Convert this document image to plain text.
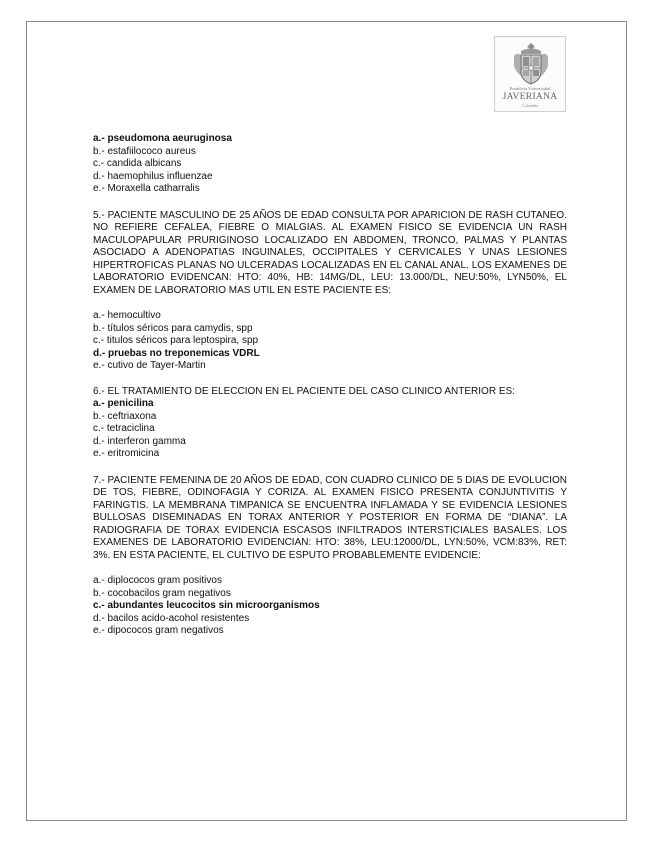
Pontificia Universidad
JAVERIANA
Colombia
a.- pseudomona aeuruginosa
b.- estafiilococo aureus
c.- candida albicans
d.- haemophilus influenzae
e.- Moraxella catharralis

5.- PACIENTE MASCULINO DE 25 AÑOS DE EDAD CONSULTA POR APARICION DE RASH CUTANEO. NO REFIERE CEFALEA, FIEBRE O MIALGIAS. AL EXAMEN FISICO SE EVIDENCIA UN RASH MACULOPAPULAR PRURIGINOSO LOCALIZADO EN ABDOMEN, TRONCO, PALMAS Y PLANTAS ASOCIADO A ADENOPATIAS INGUINALES, OCCIPITALES Y CERVICALES Y UNAS LESIONES HIPERTROFICAS PLANAS NO ULCERADAS LOCALIZADAS EN EL CANAL ANAL. LOS EXAMENES DE LABORATORIO EVIDENCAN: HTO: 40%, HB: 14MG/DL, LEU: 13.000/DL, NEU:50%, LYN50%, EL EXAMEN DE LABORATORIO MAS UTIL EN ESTE PACIENTE ES:

a.- hemocultivo
b.- títulos séricos para camydis, spp
c.- titulos séricos para leptospira, spp
d.- pruebas no treponemicas VDRL
e.- cutivo de Tayer-Martin

6.- EL TRATAMIENTO DE ELECCION EN EL PACIENTE DEL CASO CLINICO ANTERIOR ES:

a.- penicilina
b.- ceftriaxona
c.- tetraciclina
d.- interferon gamma
e.- eritromicina

7.- PACIENTE FEMENINA DE 20 AÑOS DE EDAD, CON CUADRO CLINICO DE 5 DIAS DE EVOLUCION DE TOS, FIEBRE, ODINOFAGIA Y CORIZA. AL EXAMEN FISICO PRESENTA CONJUNTIVITIS Y FARINGTIS. LA MEMBRANA TIMPANICA SE ENCUENTRA INFLAMADA Y SE EVIDENCIA LESIONES BULLOSAS DISEMINADAS EN TORAX ANTERIOR Y POSTERIOR EN FORMA DE “DIANA”. LA RADIOGRAFIA DE TORAX EVIDENCIA ESCASOS INFILTRADOS INTERSTICIALES BASALES. LOS EXAMENES DE LABORATORIO EVIDENCIAN: HTO: 38%, LEU:12000/DL, LYN:50%, VCM:83%, RET: 3%. EN ESTA PACIENTE, EL CULTIVO DE ESPUTO PROBABLEMENTE EVIDENCIE:

a.- diplococos gram positivos
b.- cocobacilos gram negativos
c.- abundantes leucocitos sin microorganismos
d.- bacilos acido-acohol resistentes
e.- dipococos gram negativos
